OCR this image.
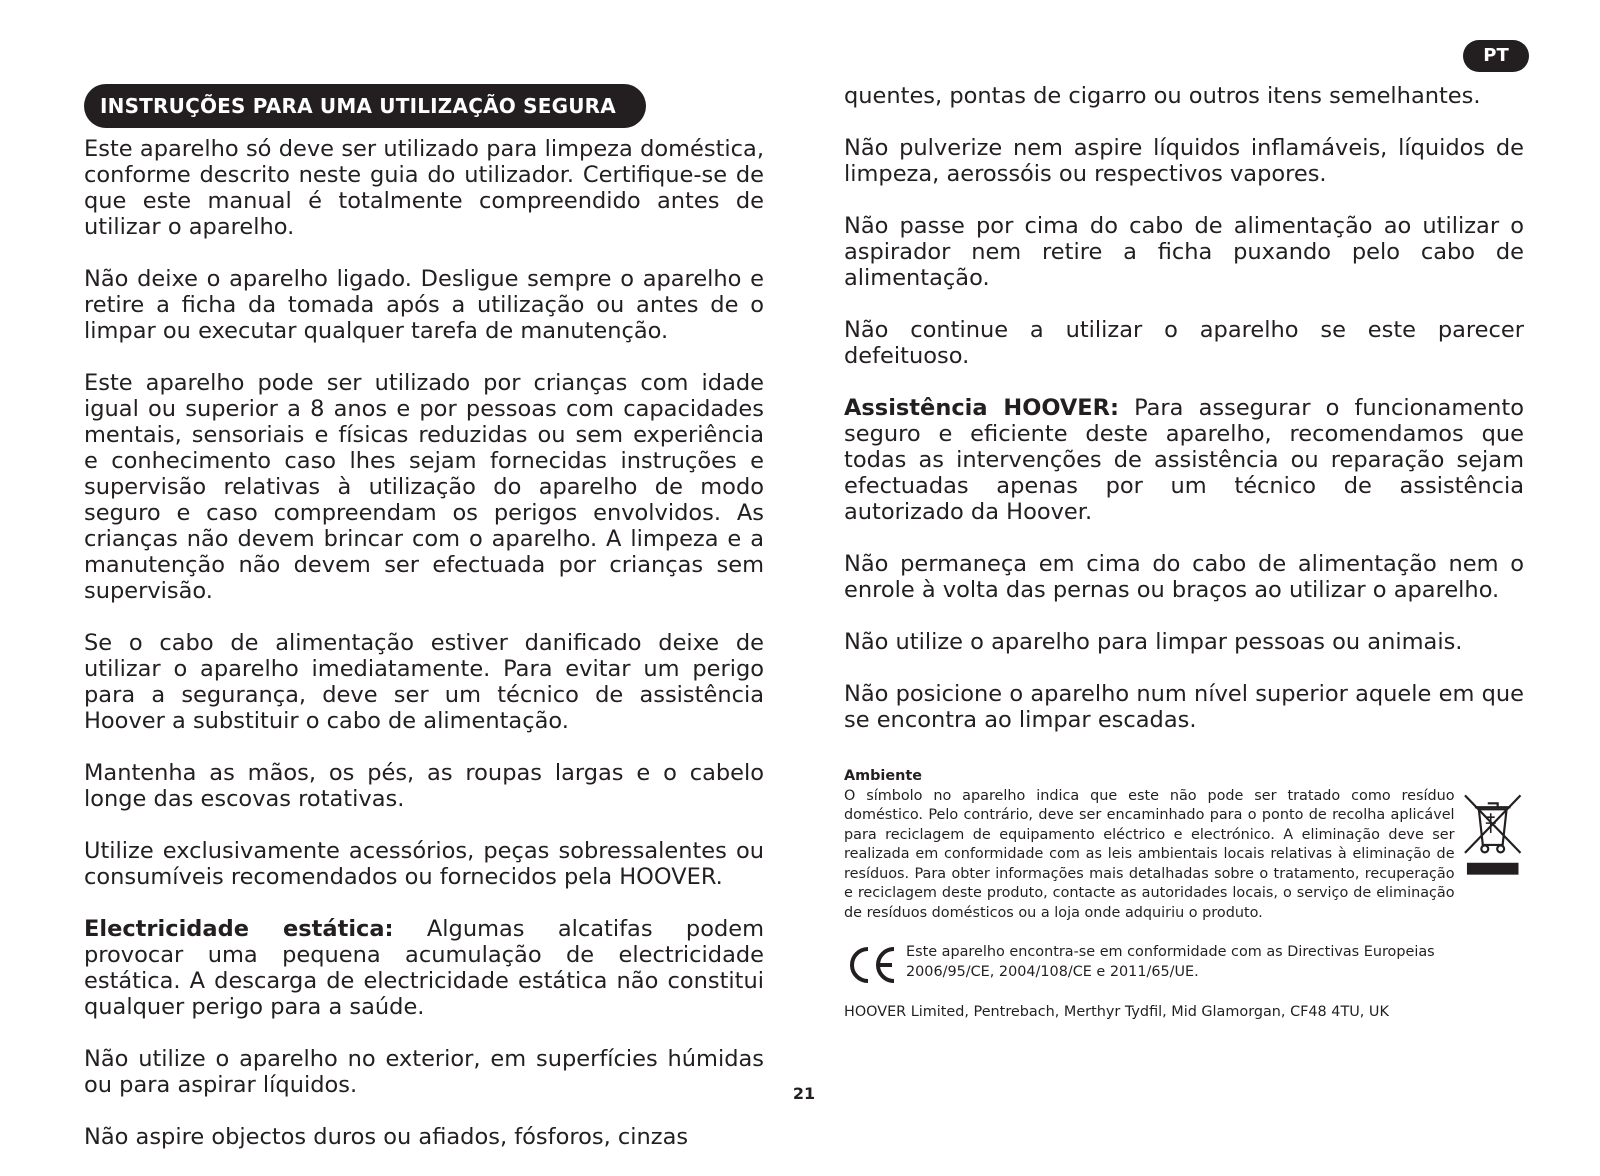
PT
INSTRUÇÕES PARA UMA UTILIZAÇÃO SEGURA

Este aparelho só deve ser utilizado para limpeza doméstica, conforme descrito neste guia do utilizador. Certifique-se de que este manual é totalmente compreendido antes de utilizar o aparelho.

Não deixe o aparelho ligado. Desligue sempre o aparelho e retire a ficha da tomada após a utilização ou antes de o limpar ou executar qualquer tarefa de manutenção.

Este aparelho pode ser utilizado por crianças com idade igual ou superior a 8 anos e por pessoas com capacidades mentais, sensoriais e físicas reduzidas ou sem experiência e conhecimento caso lhes sejam fornecidas instruções e supervisão relativas à utilização do aparelho de modo seguro e caso compreendam os perigos envolvidos. As crianças não devem brincar com o aparelho. A limpeza e a manutenção não devem ser efectuada por crianças sem supervisão.

Se o cabo de alimentação estiver danificado deixe de utilizar o aparelho imediatamente. Para evitar um perigo para a segurança, deve ser um técnico de assistência Hoover a substituir o cabo de alimentação.

Mantenha as mãos, os pés, as roupas largas e o cabelo longe das escovas rotativas.

Utilize exclusivamente acessórios, peças sobressalentes ou consumíveis recomendados ou fornecidos pela HOOVER.

Electricidade estática: Algumas alcatifas podem provocar uma pequena acumulação de electricidade estática. A descarga de electricidade estática não constitui qualquer perigo para a saúde.

Não utilize o aparelho no exterior, em superfícies húmidas ou para aspirar líquidos.

Não aspire objectos duros ou afiados, fósforos, cinzas

quentes, pontas de cigarro ou outros itens semelhantes.

Não pulverize nem aspire líquidos inflamáveis, líquidos de limpeza, aerossóis ou respectivos vapores.

Não passe por cima do cabo de alimentação ao utilizar o aspirador nem retire a ficha puxando pelo cabo de alimentação.

Não continue a utilizar o aparelho se este parecer defeituoso.

Assistência HOOVER: Para assegurar o funcionamento seguro e eficiente deste aparelho, recomendamos que todas as intervenções de assistência ou reparação sejam efectuadas apenas por um técnico de assistência autorizado da Hoover.

Não permaneça em cima do cabo de alimentação nem o enrole à volta das pernas ou braços ao utilizar o aparelho.

Não utilize o aparelho para limpar pessoas ou animais.

Não posicione o aparelho num nível superior aquele em que se encontra ao limpar escadas.

Ambiente
O símbolo no aparelho indica que este não pode ser tratado como resíduo doméstico. Pelo contrário, deve ser encaminhado para o ponto de recolha aplicável para reciclagem de equipamento eléctrico e electrónico. A eliminação deve ser realizada em conformidade com as leis ambientais locais relativas à eliminação de resíduos. Para obter informações mais detalhadas sobre o tratamento, recuperação e reciclagem deste produto, contacte as autoridades locais, o serviço de eliminação de resíduos domésticos ou a loja onde adquiriu o produto.
Este aparelho encontra-se em conformidade com as Directivas Europeias 2006/95/CE, 2004/108/CE e 2011/65/UE.
HOOVER Limited, Pentrebach, Merthyr Tydfil, Mid Glamorgan, CF48 4TU, UK
21
